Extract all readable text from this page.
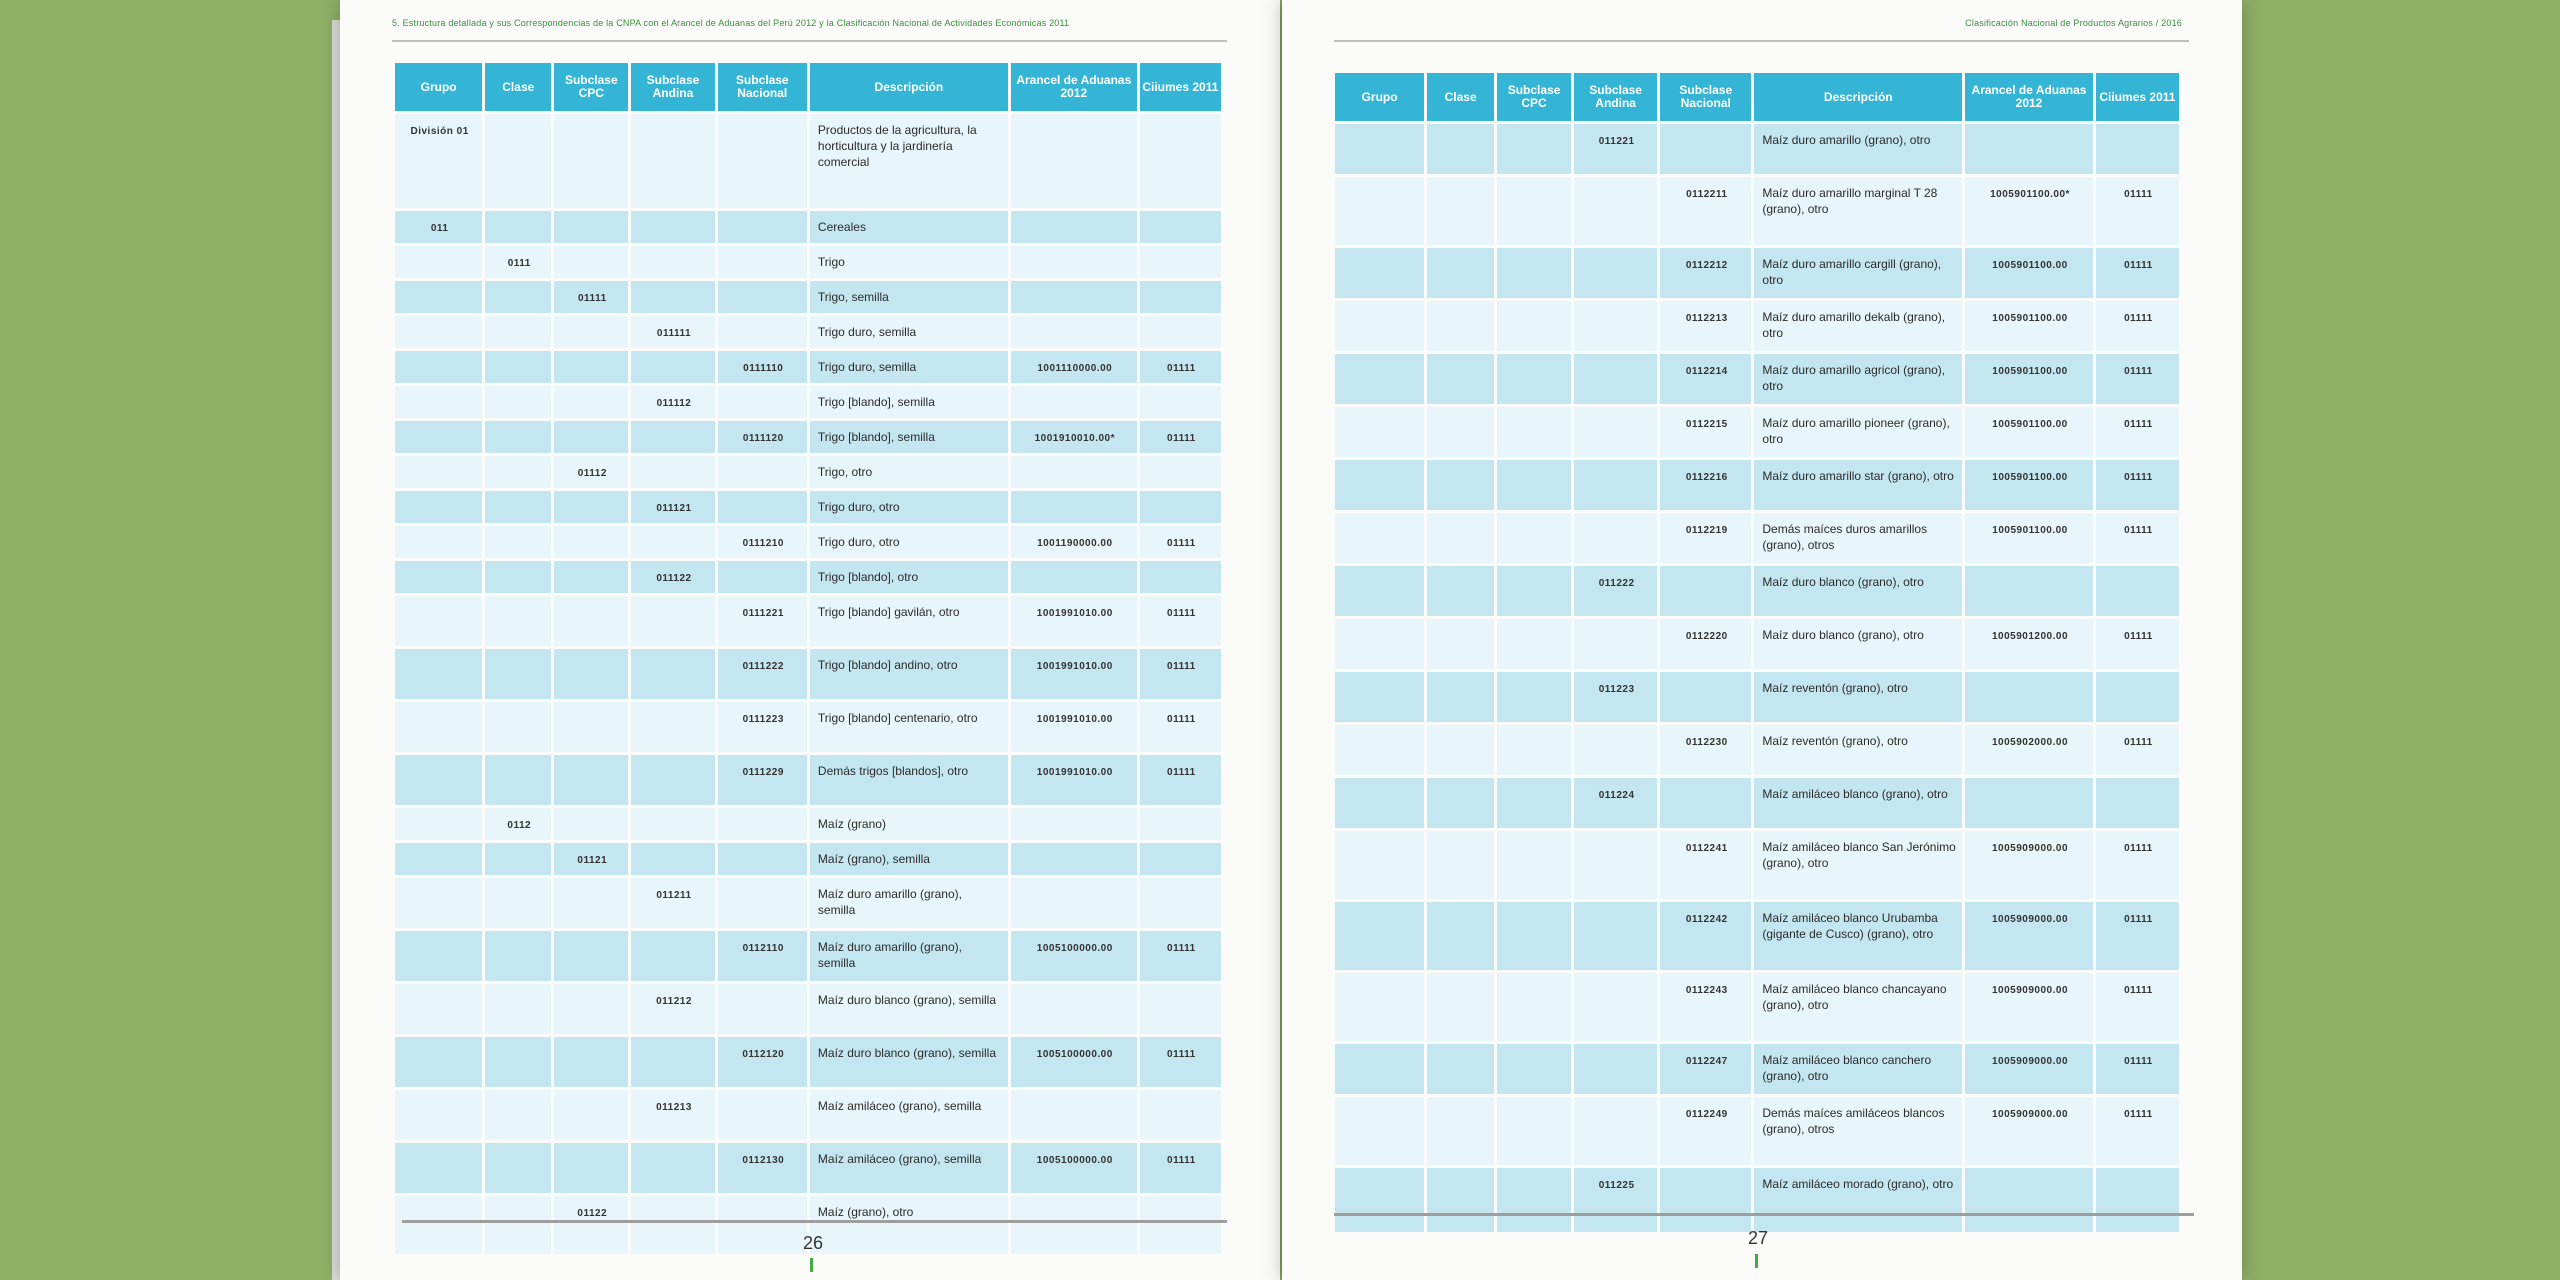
5. Estructura detallada y sus Correspondencias de la CNPA con el Arancel de Aduanas del Perú 2012 y la Clasificación Nacional de Actividades Económicas 2011
Grupo	Clase	Subclase CPC	Subclase Andina	Subclase Nacional	Descripción	Arancel de Aduanas 2012	Ciiumes 2011
División 01					Productos de la agricultura, la horticultura y la jardinería comercial		
011					Cereales		
	0111				Trigo		
		01111			Trigo, semilla		
			011111		Trigo duro, semilla		
				0111110	Trigo duro, semilla	1001110000.00	01111
			011112		Trigo [blando], semilla		
				0111120	Trigo [blando], semilla	1001910010.00*	01111
		01112			Trigo, otro		
			011121		Trigo duro, otro		
				0111210	Trigo duro, otro	1001190000.00	01111
			011122		Trigo [blando], otro		
				0111221	Trigo [blando] gavilán, otro	1001991010.00	01111
				0111222	Trigo [blando] andino, otro	1001991010.00	01111
				0111223	Trigo [blando] centenario, otro	1001991010.00	01111
				0111229	Demás trigos [blandos], otro	1001991010.00	01111
	0112				Maíz (grano)		
		01121			Maíz (grano), semilla		
			011211		Maíz duro amarillo (grano), semilla		
				0112110	Maíz duro amarillo (grano), semilla	1005100000.00	01111
			011212		Maíz duro blanco (grano), semilla		
				0112120	Maíz duro blanco (grano), semilla	1005100000.00	01111
			011213		Maíz amiláceo (grano), semilla		
				0112130	Maíz amiláceo (grano), semilla	1005100000.00	01111
		01122			Maíz (grano), otro		
26
Clasificación Nacional de Productos Agrarios / 2016
Grupo	Clase	Subclase CPC	Subclase Andina	Subclase Nacional	Descripción	Arancel de Aduanas 2012	Ciiumes 2011
			011221		Maíz duro amarillo (grano), otro		
				0112211	Maíz duro amarillo marginal T 28 (grano), otro	1005901100.00*	01111
				0112212	Maíz duro amarillo cargill (grano), otro	1005901100.00	01111
				0112213	Maíz duro amarillo dekalb (grano), otro	1005901100.00	01111
				0112214	Maíz duro amarillo agricol (grano), otro	1005901100.00	01111
				0112215	Maíz duro amarillo pioneer (grano), otro	1005901100.00	01111
				0112216	Maíz duro amarillo star (grano), otro	1005901100.00	01111
				0112219	Demás maíces duros amarillos (grano), otros	1005901100.00	01111
			011222		Maíz duro blanco (grano), otro		
				0112220	Maíz duro blanco (grano), otro	1005901200.00	01111
			011223		Maíz reventón (grano), otro		
				0112230	Maíz reventón (grano), otro	1005902000.00	01111
			011224		Maíz amiláceo blanco (grano), otro		
				0112241	Maíz amiláceo blanco San Jerónimo (grano), otro	1005909000.00	01111
				0112242	Maíz amiláceo blanco Urubamba (gigante de Cusco) (grano), otro	1005909000.00	01111
				0112243	Maíz amiláceo blanco chancayano (grano), otro	1005909000.00	01111
				0112247	Maíz amiláceo blanco canchero (grano), otro	1005909000.00	01111
				0112249	Demás maíces amiláceos blancos (grano), otros	1005909000.00	01111
			011225		Maíz amiláceo morado (grano), otro		
27
